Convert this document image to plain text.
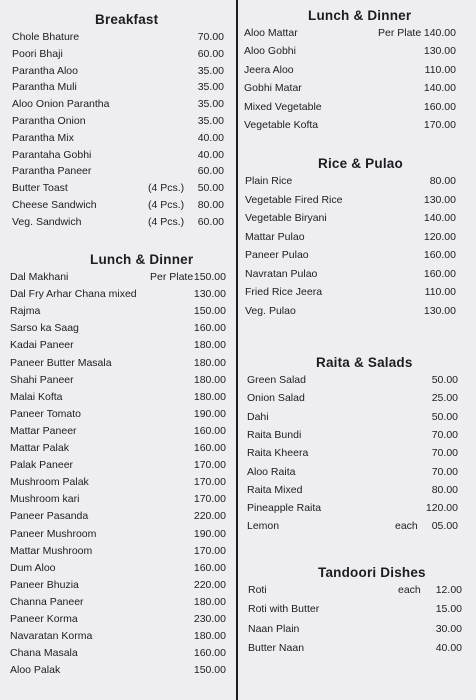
Breakfast
Chole Bhature	70.00
Poori Bhaji	60.00
Parantha Aloo	35.00
Parantha Muli	35.00
Aloo Onion Parantha	35.00
Parantha Onion	35.00
Parantha Mix	40.00
Parantaha Gobhi	40.00
Parantha Paneer	60.00
Butter Toast	(4 Pcs.)	50.00
Cheese Sandwich	(4 Pcs.)	80.00
Veg. Sandwich	(4 Pcs.)	60.00
Lunch & Dinner
Dal Makhani	Per Plate 150.00
Dal Fry Arhar Chana mixed	130.00
Rajma	150.00
Sarso ka Saag	160.00
Kadai Paneer	180.00
Paneer Butter Masala	180.00
Shahi Paneer	180.00
Malai Kofta	180.00
Paneer Tomato	190.00
Mattar Paneer	160.00
Mattar Palak	160.00
Palak Paneer	170.00
Mushroom Palak	170.00
Mushroom kari	170.00
Paneer Pasanda	220.00
Paneer Mushroom	190.00
Mattar Mushroom	170.00
Dum Aloo	160.00
Paneer Bhuzia	220.00
Channa Paneer	180.00
Paneer Korma	230.00
Navaratan Korma	180.00
Chana Masala	160.00
Aloo Palak	150.00
Lunch & Dinner
Aloo Mattar	Per Plate 140.00
Aloo Gobhi	130.00
Jeera Aloo	110.00
Gobhi Matar	140.00
Mixed Vegetable	160.00
Vegetable Kofta	170.00
Rice & Pulao
Plain Rice	80.00
Vegetable Fired Rice	130.00
Vegetable Biryani	140.00
Mattar Pulao	120.00
Paneer Pulao	160.00
Navratan Pulao	160.00
Fried Rice Jeera	110.00
Veg. Pulao	130.00
Raita & Salads
Green Salad	50.00
Onion Salad	25.00
Dahi	50.00
Raita Bundi	70.00
Raita Kheera	70.00
Aloo Raita	70.00
Raita Mixed	80.00
Pineapple Raita	120.00
Lemon	each	05.00
Tandoori Dishes
Roti	each	12.00
Roti with Butter	15.00
Naan Plain	30.00
Butter Naan	40.00
